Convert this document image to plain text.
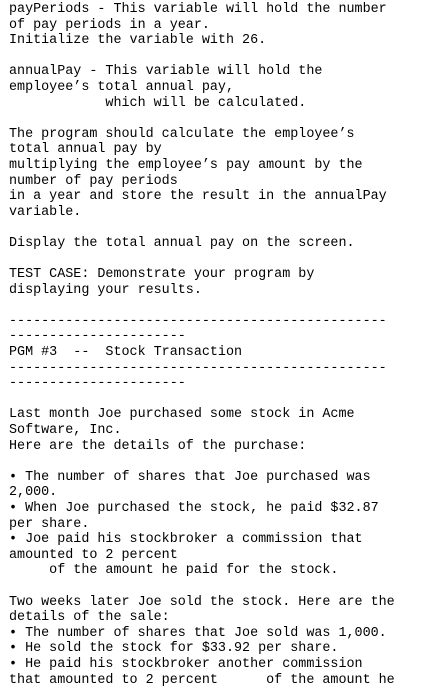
payPeriods - This variable will hold the number
of pay periods in a year.
Initialize the variable with 26.
annualPay - This variable will hold the
employee’s total annual pay,
which will be calculated.
The program should calculate the employee’s
total annual pay by
multiplying the employee’s pay amount by the
number of pay periods
in a year and store the result in the annualPay
variable.
Display the total annual pay on the screen.
TEST CASE: Demonstrate your program by
displaying your results.
-----------------------------------------------
----------------------
PGM #3  --  Stock Transaction
-----------------------------------------------
----------------------
Last month Joe purchased some stock in Acme
Software, Inc.
Here are the details of the purchase:
• The number of shares that Joe purchased was
2,000.
• When Joe purchased the stock, he paid $32.87
per share.
• Joe paid his stockbroker a commission that
amounted to 2 percent
of the amount he paid for the stock.
Two weeks later Joe sold the stock. Here are the
details of the sale:
• The number of shares that Joe sold was 1,000.
• He sold the stock for $33.92 per share.
• He paid his stockbroker another commission
that amounted to 2 percent      of the amount he
